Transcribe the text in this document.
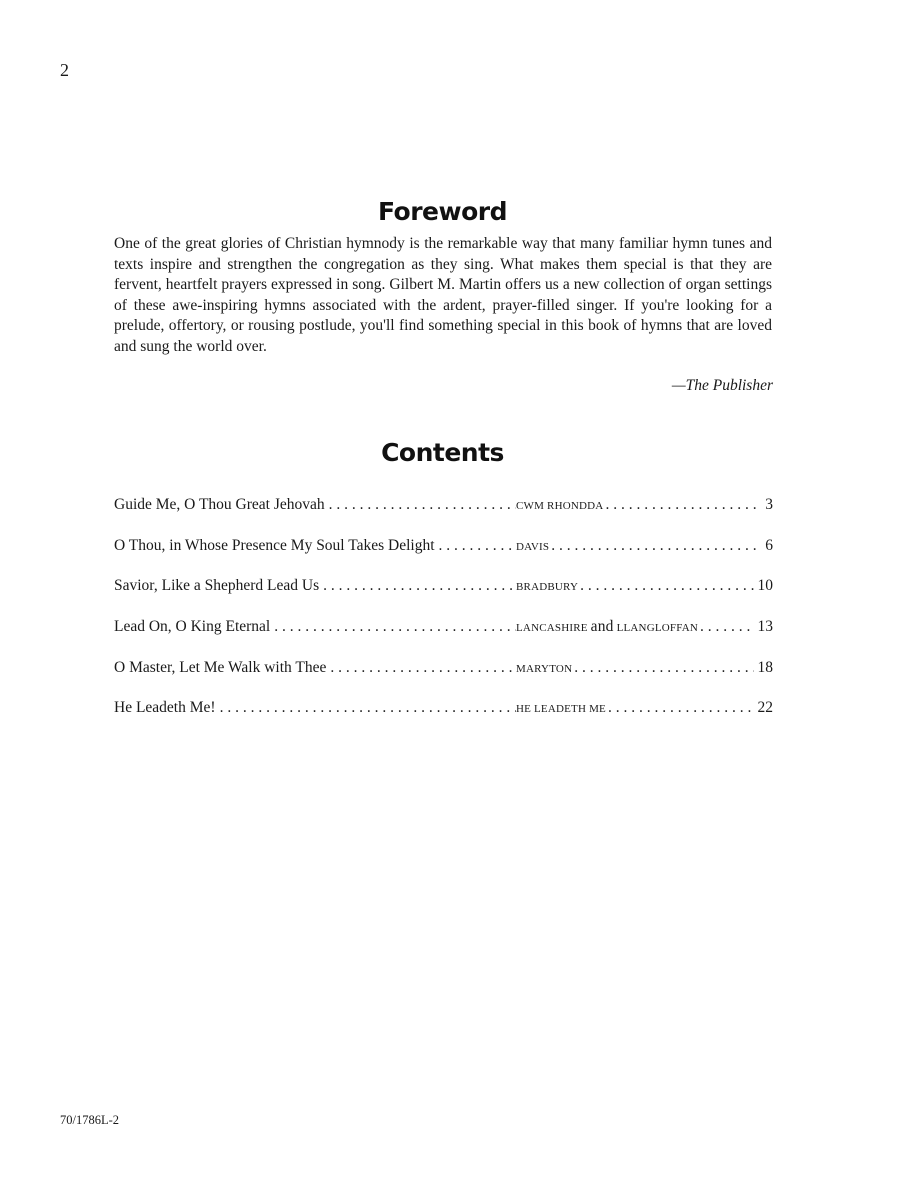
2
Foreword

One of the great glories of Christian hymnody is the remarkable way that many familiar hymn tunes and texts inspire and strengthen the congregation as they sing. What makes them special is that they are fervent, heartfelt prayers expressed in song. Gilbert M. Martin offers us a new collection of organ settings of these awe-inspiring hymns associated with the ardent, prayer-filled singer. If you're looking for a prelude, offertory, or rousing postlude, you'll find something special in this book of hymns that are loved and sung the world over.

—The Publisher
Contents
Guide Me, O Thou Great Jehovah . . .	CWM RHONDDA . . .	3
O Thou, in Whose Presence My Soul Takes Delight . . .	DAVIS . . .	6
Savior, Like a Shepherd Lead Us . . .	BRADBURY . . .	10
Lead On, O King Eternal . . .	LANCASHIRE and LLANGLOFFAN . . .	13
O Master, Let Me Walk with Thee . . .	MARYTON . . .	18
He Leadeth Me! . . .	HE LEADETH ME . . .	22
70/1786L-2
